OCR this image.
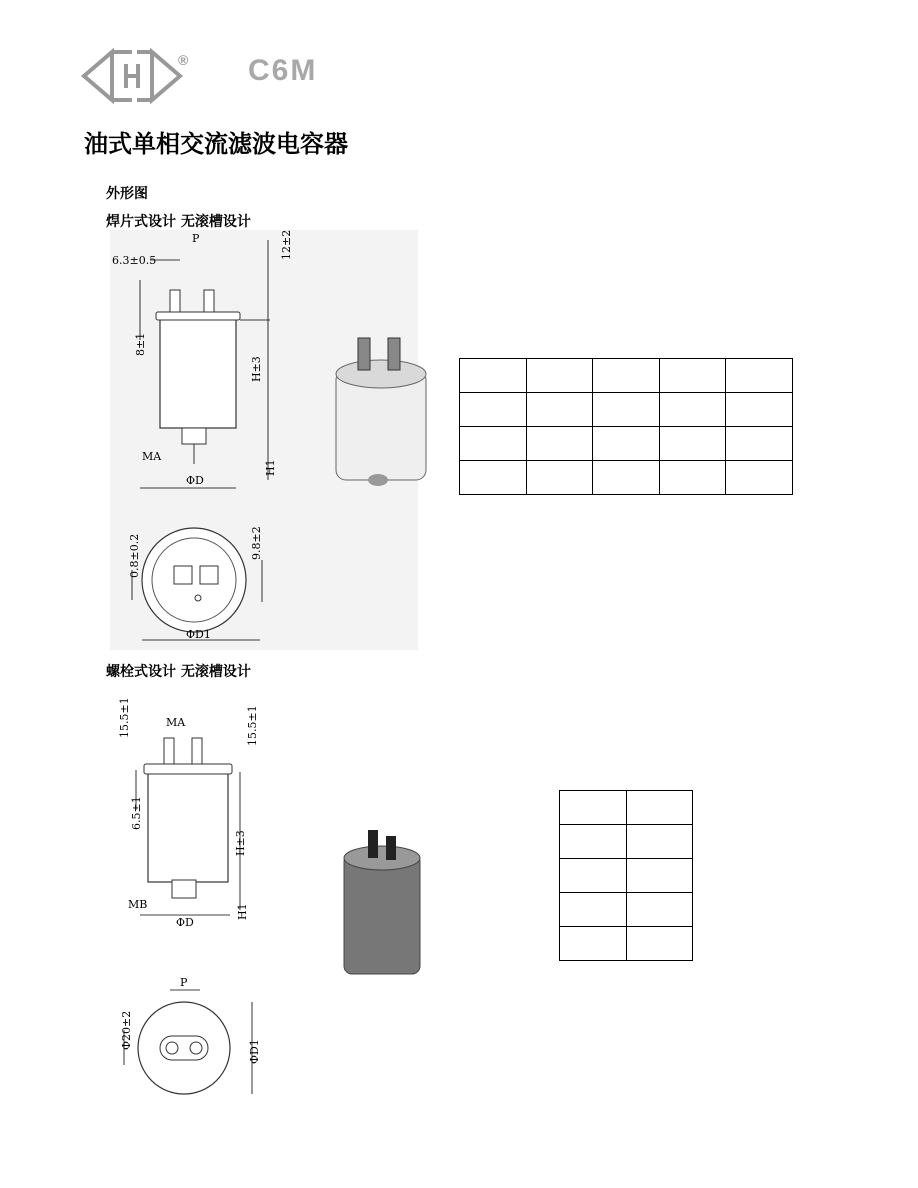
® C6M
油式单相交流滤波电容器
外形图
焊片式设计 无滚槽设计
P
6.3±0.5
12±2
8±1
H±3
MA
H1
ΦD
0.8±0.2	9.8±2
ΦD1

螺栓式设计 无滚槽设计
15.5±1	MA	15.5±1
6.5±1
H±3
MB	H1
ΦD

P
Φ20±2
ΦD1
